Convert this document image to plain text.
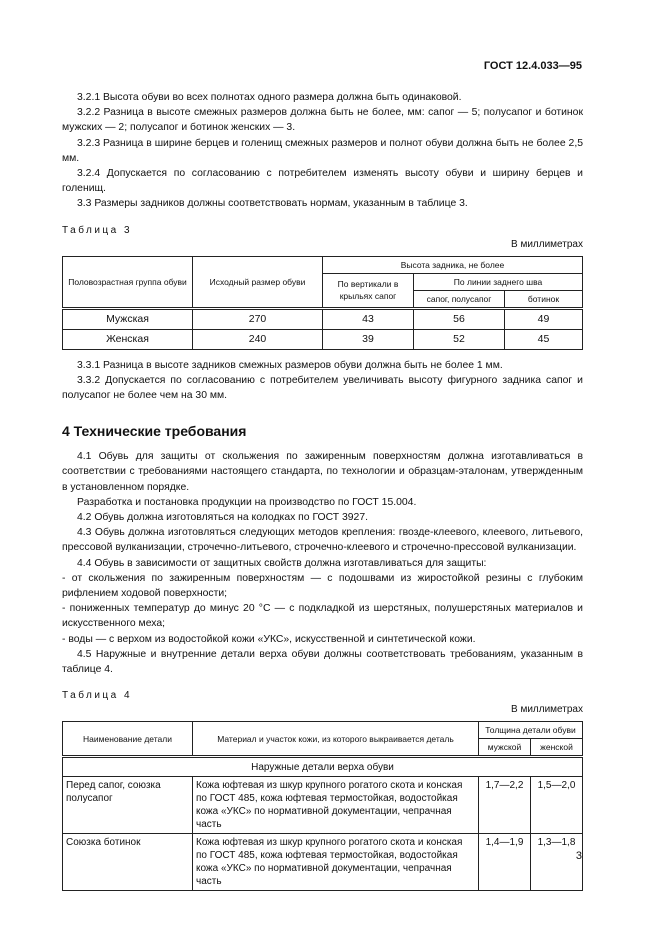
ГОСТ 12.4.033—95

3.2.1 Высота обуви во всех полнотах одного размера должна быть одинаковой.

3.2.2 Разница в высоте смежных размеров должна быть не более, мм: сапог — 5; полусапог и ботинок мужских — 2; полусапог и ботинок женских — 3.

3.2.3 Разница в ширине берцев и голенищ смежных размеров и полнот обуви должна быть не более 2,5 мм.

3.2.4 Допускается по согласованию с потребителем изменять высоту обуви и ширину берцев и голенищ.

3.3 Размеры задников должны соответствовать нормам, указанным в таблице 3.

Таблица 3
В миллиметрах
Половозрастная группа обуви	Исходный размер обуви	Высота задника, не более		
		По вертикали в крыльях сапог	По линии заднего шва	
			сапог, полусапог	ботинок
Мужская	270	43	56	49
Женская	240	39	52	45

3.3.1 Разница в высоте задников смежных размеров обуви должна быть не более 1 мм.

3.3.2 Допускается по согласованию с потребителем увеличивать высоту фигурного задника сапог и полусапог не более чем на 30 мм.

4 Технические требования

4.1 Обувь для защиты от скольжения по зажиренным поверхностям должна изготавливаться в соответствии с требованиями настоящего стандарта, по технологии и образцам-эталонам, утвержденным в установленном порядке.

Разработка и постановка продукции на производство по ГОСТ 15.004.

4.2 Обувь должна изготовляться на колодках по ГОСТ 3927.

4.3 Обувь должна изготовляться следующих методов крепления: гвозде-клеевого, клеевого, литьевого, прессовой вулканизации, строчечно-литьевого, строчечно-клеевого и строчечно-прессовой вулканизации.

4.4 Обувь в зависимости от защитных свойств должна изготавливаться для защиты:

- от скольжения по зажиренным поверхностям — с подошвами из жиростойкой резины с глубоким рифлением ходовой поверхности;

- пониженных температур до минус 20 °С — с подкладкой из шерстяных, полушерстяных материалов и искусственного меха;

- воды — с верхом из водостойкой кожи «УКС», искусственной и синтетической кожи.

4.5 Наружные и внутренние детали верха обуви должны соответствовать требованиям, указанным в таблице 4.

Таблица 4
В миллиметрах
Наименование детали	Материал и участок кожи, из которого выкраивается деталь	Толщина детали обуви	
		мужской	женской
Наружные детали верха обуви			
Перед сапог, союзка полусапог	Кожа юфтевая из шкур крупного рогатого скота и конская по ГОСТ 485, кожа юфтевая термостойкая, водостойкая кожа «УКС» по нормативной документации, чепрачная часть	1,7—2,2	1,5—2,0
Союзка ботинок	Кожа юфтевая из шкур крупного рогатого скота и конская по ГОСТ 485, кожа юфтевая термостойкая, водостойкая кожа «УКС» по нормативной документации, чепрачная часть	1,4—1,9	1,3—1,8
3
